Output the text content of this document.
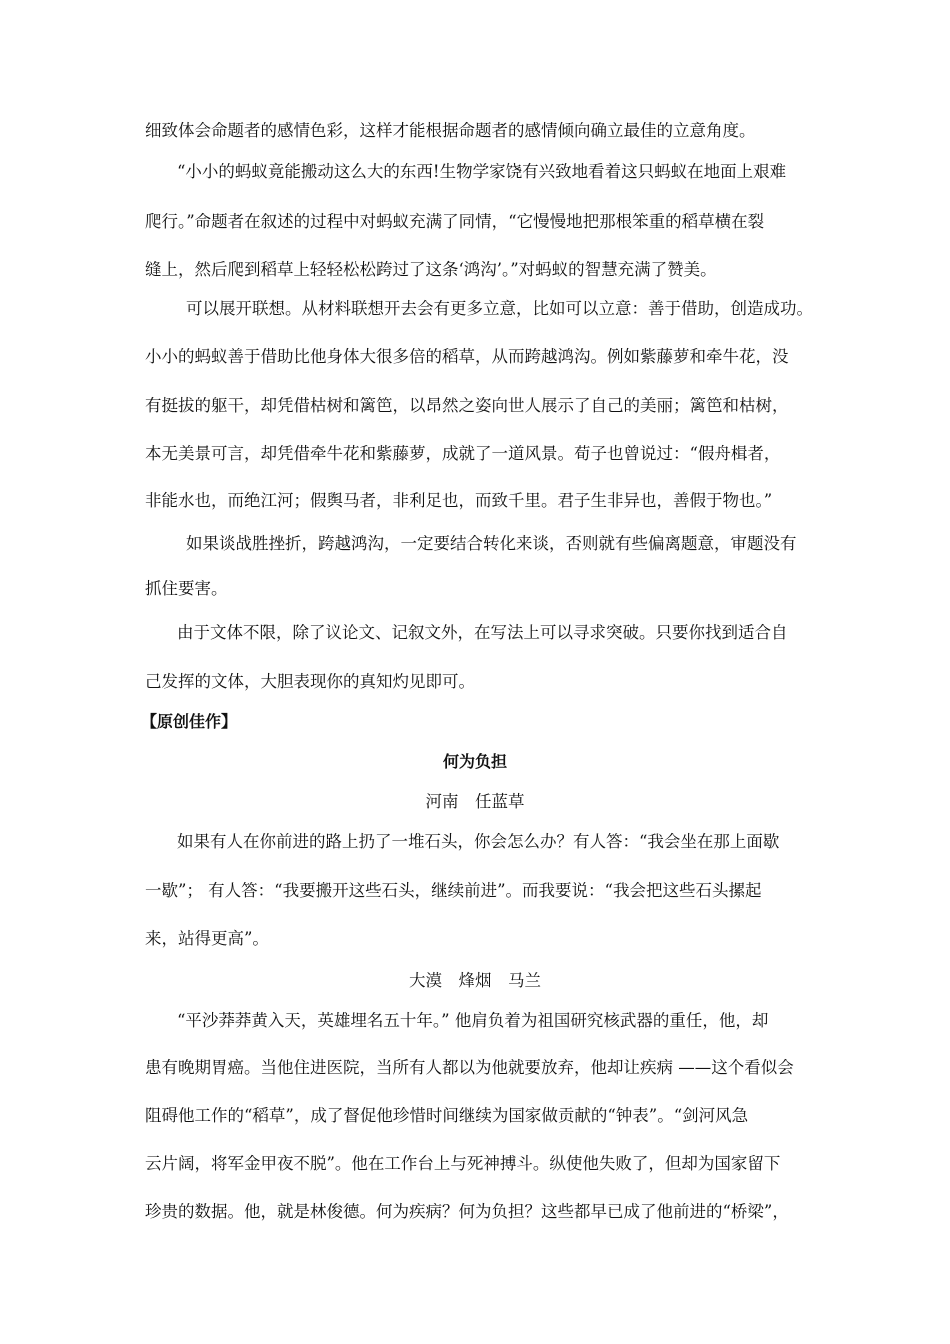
细致体会命题者的感情色彩，这样才能根据命题者的感情倾向确立最佳的立意角度。

“小小的蚂蚁竟能搬动这么大的东西!生物学家饶有兴致地看着这只蚂蚁在地面上艰难

爬行。”命题者在叙述的过程中对蚂蚁充满了同情，“它慢慢地把那根笨重的稻草横在裂

缝上，然后爬到稻草上轻轻松松跨过了这条‘鸿沟’。”对蚂蚁的智慧充满了赞美。

可以展开联想。从材料联想开去会有更多立意，比如可以立意：善于借助，创造成功。

小小的蚂蚁善于借助比他身体大很多倍的稻草，从而跨越鸿沟。例如紫藤萝和牵牛花，没

有挺拔的躯干，却凭借枯树和篱笆，以昂然之姿向世人展示了自己的美丽；篱笆和枯树，

本无美景可言，却凭借牵牛花和紫藤萝，成就了一道风景。荀子也曾说过：“假舟楫者，

非能水也，而绝江河；假舆马者，非利足也，而致千里。君子生非异也，善假于物也。”

如果谈战胜挫折，跨越鸿沟，一定要结合转化来谈，否则就有些偏离题意，审题没有

抓住要害。

由于文体不限，除了议论文、记叙文外，在写法上可以寻求突破。只要你找到适合自

己发挥的文体，大胆表现你的真知灼见即可。

【原创佳作】

何为负担

河南　任蓝草

如果有人在你前进的路上扔了一堆石头，你会怎么办？有人答：“我会坐在那上面歇

一歇”； 有人答：“我要搬开这些石头，继续前进”。而我要说：“我会把这些石头摞起

来，站得更高”。

大漠　烽烟　马兰

“平沙莽莽黄入天，英雄埋名五十年。” 他肩负着为祖国研究核武器的重任，他，却

患有晚期胃癌。当他住进医院，当所有人都以为他就要放弃，他却让疾病 ——这个看似会

阻碍他工作的“稻草”，成了督促他珍惜时间继续为国家做贡献的“钟表”。“剑河风急

云片阔，将军金甲夜不脱”。他在工作台上与死神搏斗。纵使他失败了，但却为国家留下

珍贵的数据。他，就是林俊德。何为疾病？何为负担？这些都早已成了他前进的“桥梁”，
